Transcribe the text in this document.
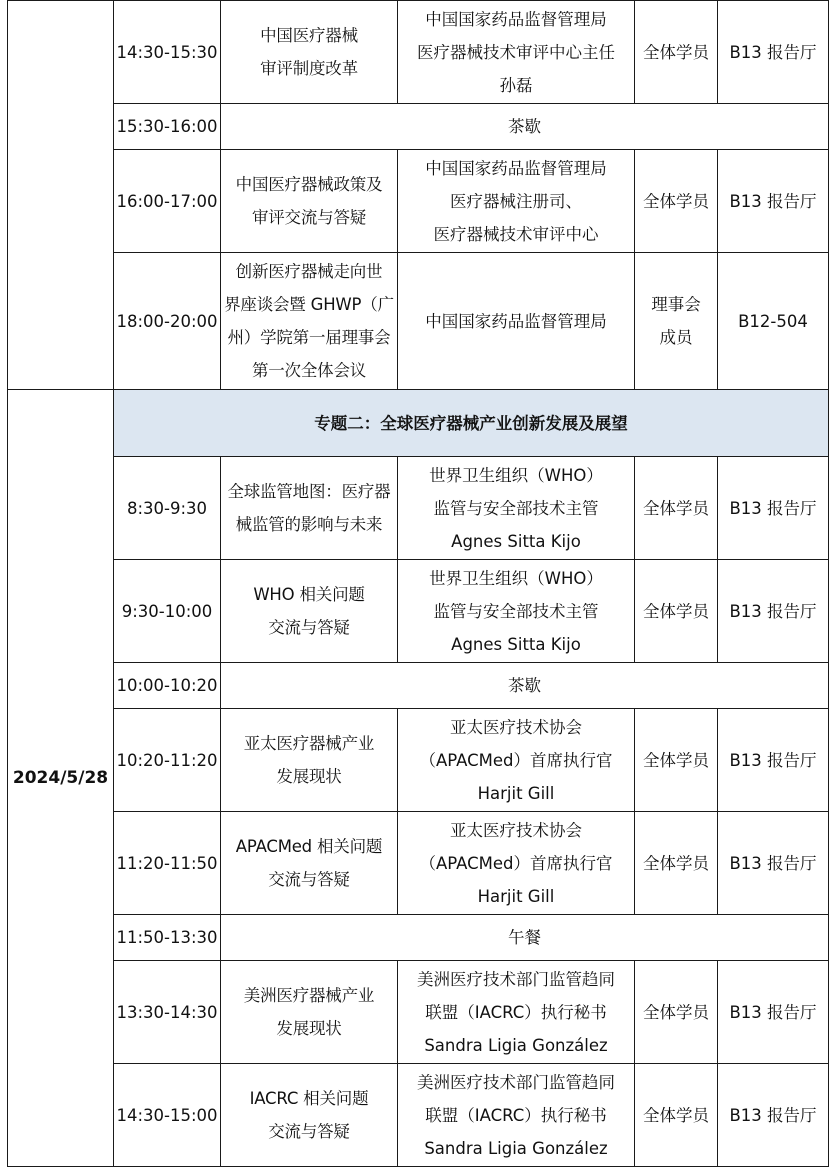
	14:30-15:30	中国医疗器械
审评制度改革	中国国家药品监督管理局
医疗器械技术审评中心主任
孙磊	全体学员	B13 报告厅
	15:30-16:00	茶歇			
	16:00-17:00	中国医疗器械政策及
审评交流与答疑	中国国家药品监督管理局
医疗器械注册司、
医疗器械技术审评中心	全体学员	B13 报告厅
	18:00-20:00	创新医疗器械走向世
界座谈会暨 GHWP（广
州）学院第一届理事会
第一次全体会议	中国国家药品监督管理局	理事会
成员	B12-504
2024/5/28	专题二：全球医疗器械产业创新发展及展望				
	8:30-9:30	全球监管地图：医疗器
械监管的影响与未来	世界卫生组织（WHO）
监管与安全部技术主管
Agnes Sitta Kijo	全体学员	B13 报告厅
	9:30-10:00	WHO 相关问题
交流与答疑	世界卫生组织（WHO）
监管与安全部技术主管
Agnes Sitta Kijo	全体学员	B13 报告厅
	10:00-10:20	茶歇			
	10:20-11:20	亚太医疗器械产业
发展现状	亚太医疗技术协会
（APACMed）首席执行官
Harjit Gill	全体学员	B13 报告厅
	11:20-11:50	APACMed 相关问题
交流与答疑	亚太医疗技术协会
（APACMed）首席执行官
Harjit Gill	全体学员	B13 报告厅
	11:50-13:30	午餐			
	13:30-14:30	美洲医疗器械产业
发展现状	美洲医疗技术部门监管趋同
联盟（IACRC）执行秘书
Sandra Ligia González	全体学员	B13 报告厅
	14:30-15:00	IACRC 相关问题
交流与答疑	美洲医疗技术部门监管趋同
联盟（IACRC）执行秘书
Sandra Ligia González	全体学员	B13 报告厅
